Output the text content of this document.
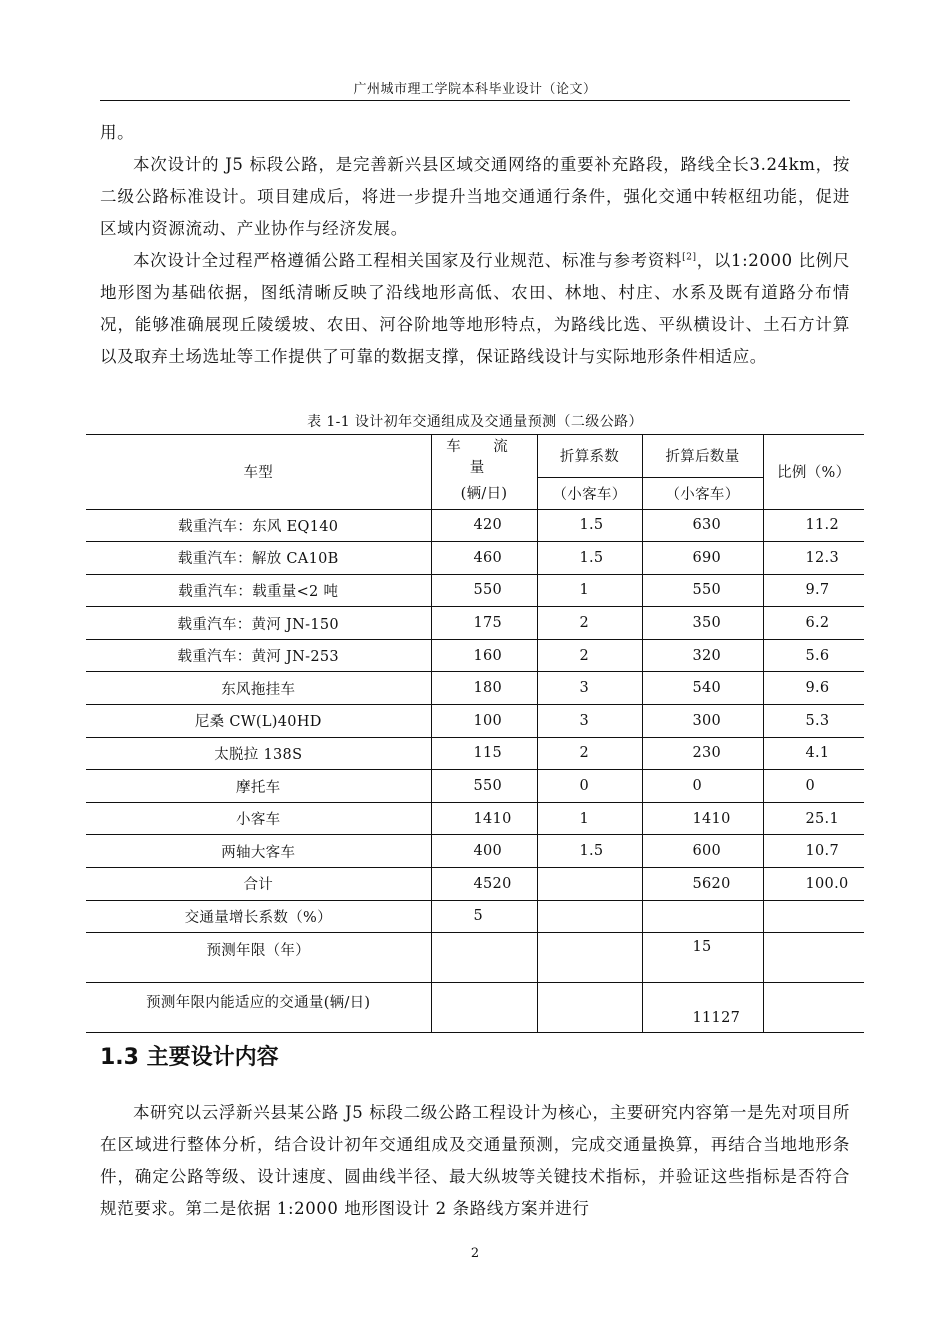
广州城市理工学院本科毕业设计（论文）

用。

本次设计的 J5 标段公路，是完善新兴县区域交通网络的重要补充路段，路线全长3.24km，按二级公路标准设计。项目建成后，将进一步提升当地交通通行条件，强化交通中转枢纽功能，促进区域内资源流动、产业协作与经济发展。

本次设计全过程严格遵循公路工程相关国家及行业规范、标准与参考资料[2]，以1:2000 比例尺地形图为基础依据，图纸清晰反映了沿线地形高低、农田、林地、村庄、水系及既有道路分布情况，能够准确展现丘陵缓坡、农田、河谷阶地等地形特点，为路线比选、平纵横设计、土石方计算以及取弃土场选址等工作提供了可靠的数据支撑，保证路线设计与实际地形条件相适应。

表 1-1 设计初年交通组成及交通量预测（二级公路）
车型	车 流 量	折算系数	折算后数量	比例（%）
	(辆/日)	（小客车）	（小客车）	
载重汽车：东风 EQ140	420	1.5	630	11.2
载重汽车：解放 CA10B	460	1.5	690	12.3
载重汽车：载重量<2 吨	550	1	550	9.7
载重汽车：黄河 JN-150	175	2	350	6.2
载重汽车：黄河 JN-253	160	2	320	5.6
东风拖挂车	180	3	540	9.6
尼桑 CW(L)40HD	100	3	300	5.3
太脱拉 138S	115	2	230	4.1
摩托车	550	0	0	0
小客车	1410	1	1410	25.1
两轴大客车	400	1.5	600	10.7
合计	4520		5620	100.0
交通量增长系数（%）	5			
预测年限（年）			15	
预测年限内能适应的交通量(辆/日)			11127	
1.3 主要设计内容

本研究以云浮新兴县某公路 J5 标段二级公路工程设计为核心，主要研究内容第一是先对项目所在区域进行整体分析，结合设计初年交通组成及交通量预测，完成交通量换算，再结合当地地形条件，确定公路等级、设计速度、圆曲线半径、最大纵坡等关键技术指标，并验证这些指标是否符合规范要求。第二是依据 1:2000 地形图设计 2 条路线方案并进行

2
